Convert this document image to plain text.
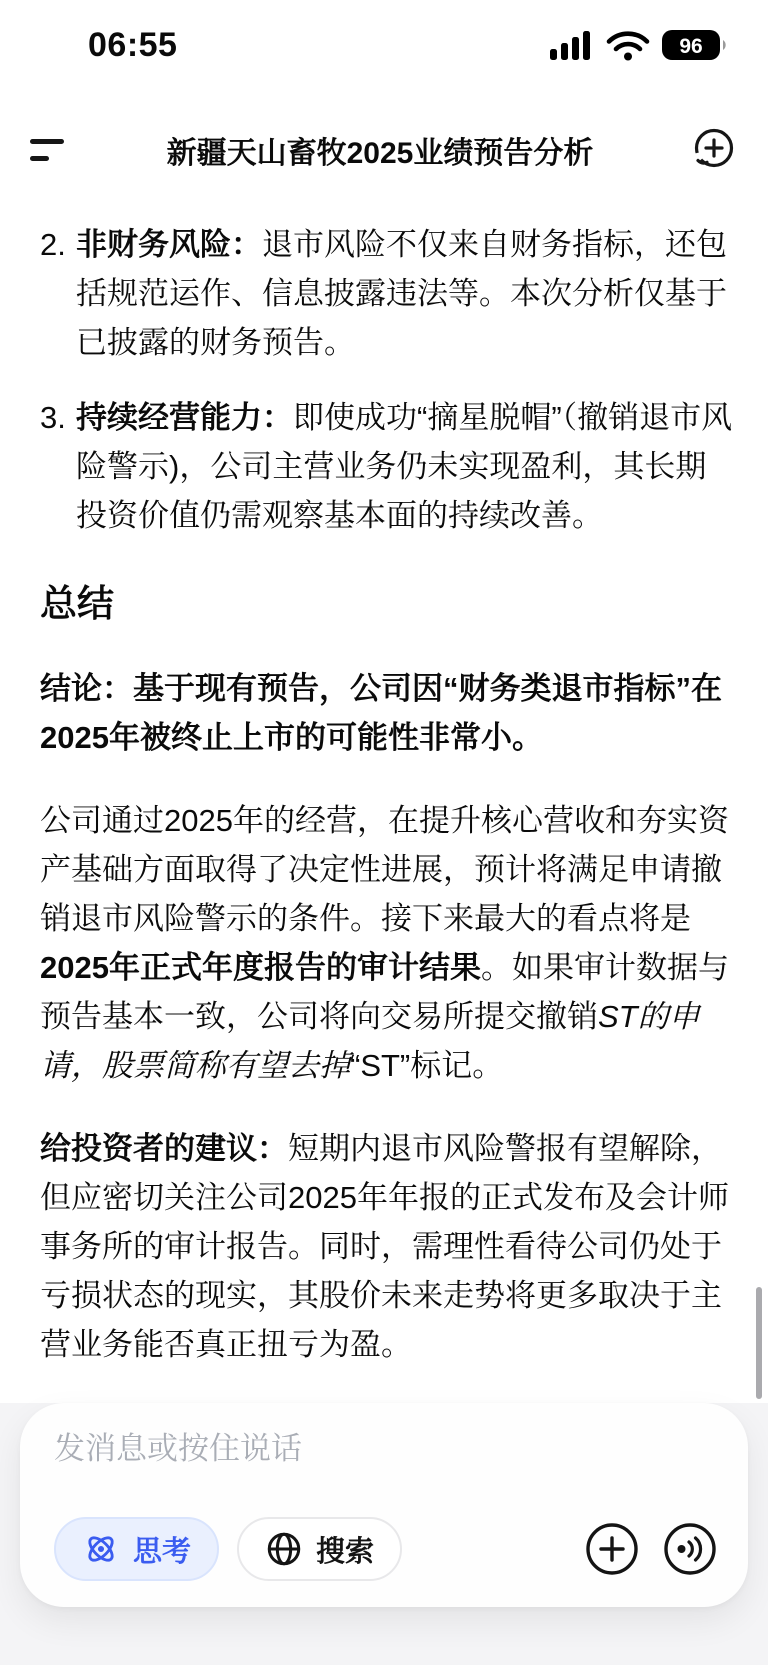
06:55	96
新疆天山畜牧2025业绩预告分析
2. 非财务风险：退市风险不仅来自财务指标，还包括规范运作、信息披露违法等。本次分析仅基于已披露的财务预告。
3. 持续经营能力：即使成功“摘星脱帽”（撤销退市风险警示)，公司主营业务仍未实现盈利，其长期投资价值仍需观察基本面的持续改善。
总结

结论：基于现有预告，公司因“财务类退市指标”在 2025年被终止上市的可能性非常小。

公司通过2025年的经营，在提升核心营收和夯实资产基础方面取得了决定性进展，预计将满足申请撤销退市风险警示的条件。接下来最大的看点将是2025年正式年度报告的审计结果。如果审计数据与预告基本一致，公司将向交易所提交撤销ST的申请，股票简称有望去掉“ST”标记。

给投资者的建议：短期内退市风险警报有望解除，但应密切关注公司2025年年报的正式发布及会计师事务所的审计报告。同时，需理性看待公司仍处于亏损状态的现实，其股价未来走势将更多取决于主营业务能否真正扭亏为盈。

发消息或按住说话
思考	搜索
